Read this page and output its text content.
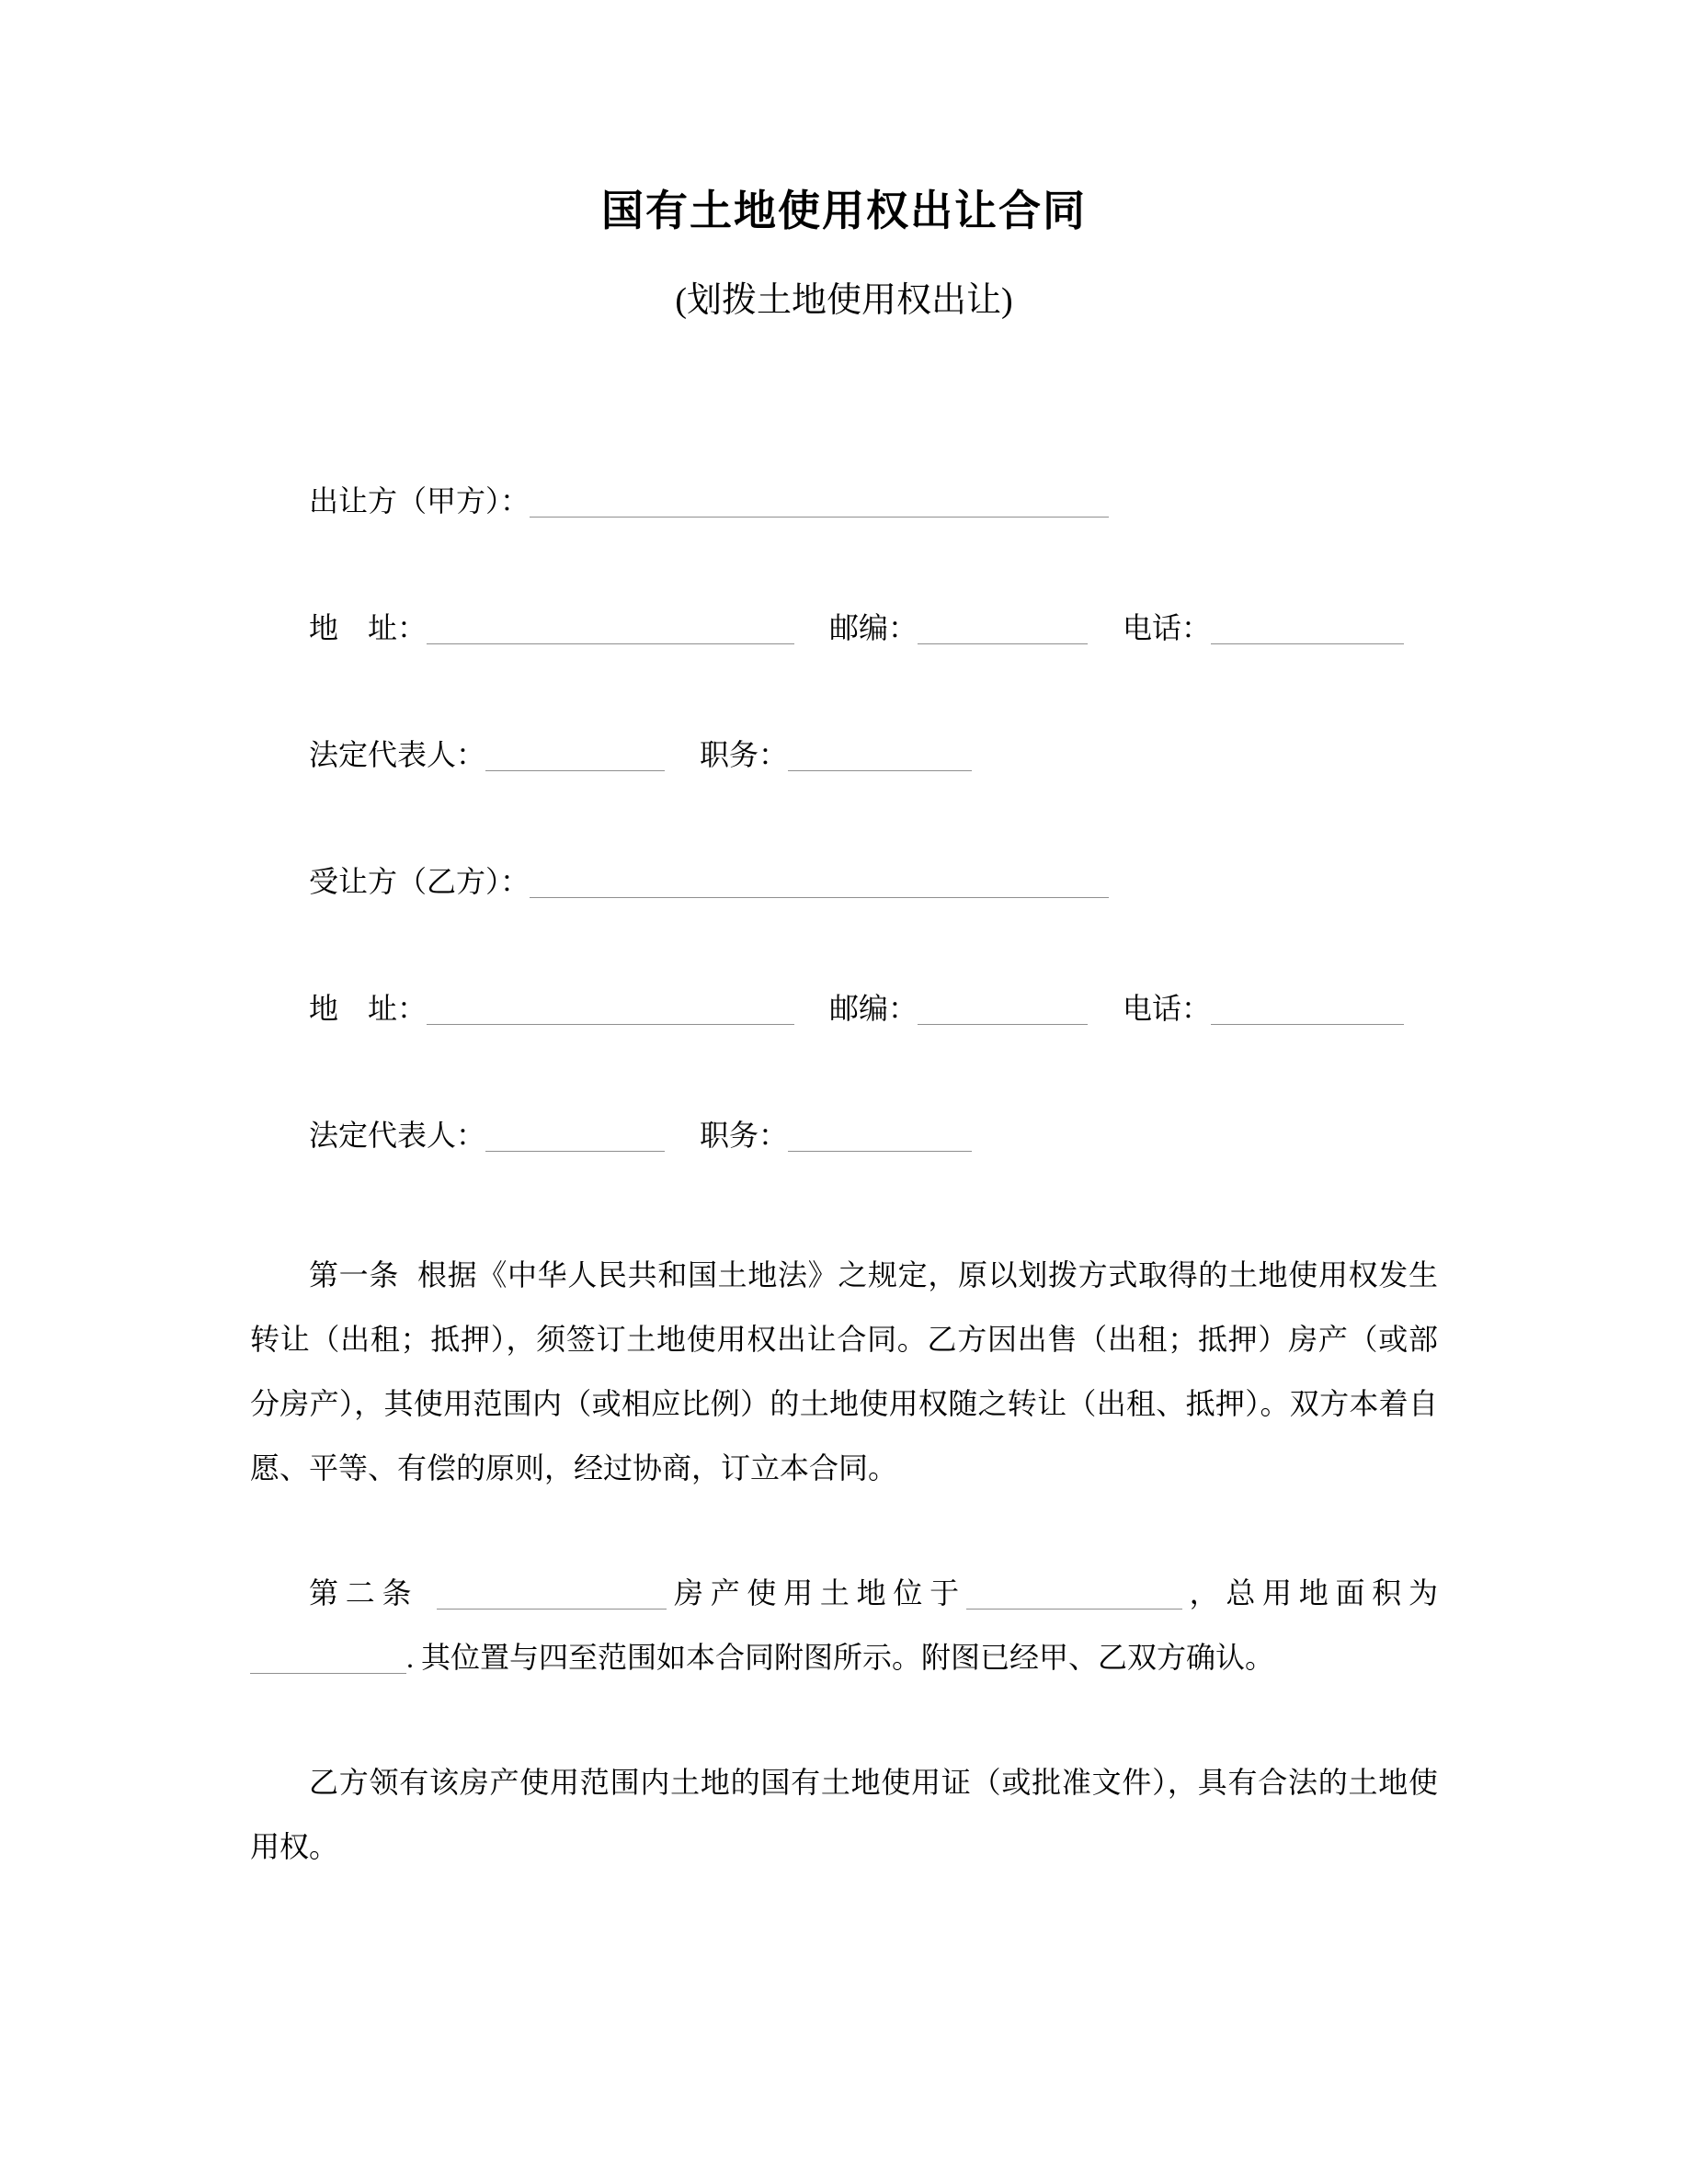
国有土地使用权出让合同
(划拨土地使用权出让)
出让方（甲方）：
地　址：	邮编：	电话：
法定代表人：	职务：
受让方（乙方）：
地　址：	邮编：	电话：
法定代表人：	职务：

第一条 根据《中华人民共和国土地法》之规定，原以划拨方式取得的土地使用权发生转让（出租；抵押），须签订土地使用权出让合同。乙方因出售（出租；抵押）房产（或部分房产），其使用范围内（或相应比例）的土地使用权随之转让（出租、抵押）。双方本着自愿、平等、有偿的原则，经过协商，订立本合同。

第二条	房产使用土地位于	，总用地面积为. 其位置与四至范围如本合同附图所示。附图已经甲、乙双方确认。

乙方领有该房产使用范围内土地的国有土地使用证（或批准文件），具有合法的土地使用权。
